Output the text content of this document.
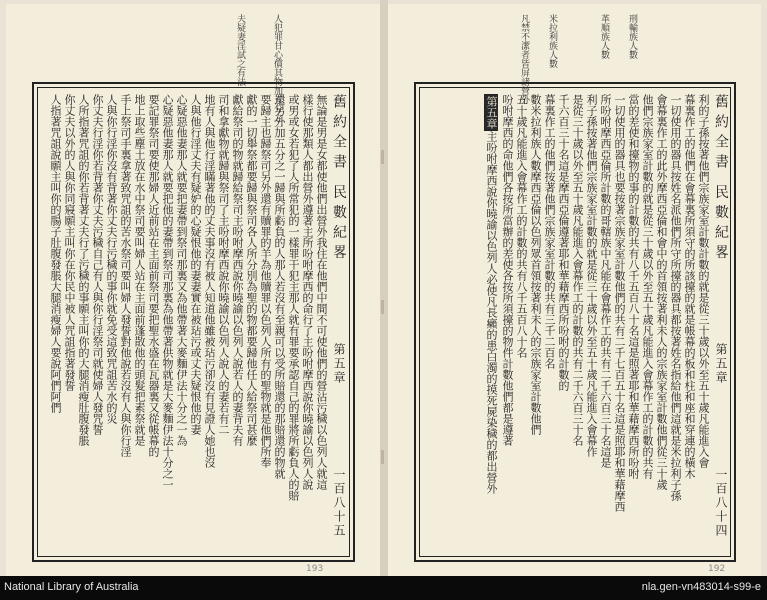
人犯罪甘心償其物加五分之一
夫疑妻淫試之有法
舊約全書 民數紀畧
第五章
一百八十五
無論是男是女都使他們出營外我住在他們中間不可使他們的營沾污穢以色列人就這
樣行使那類人都出營外遵著主所吩咐摩西的命行了主吩咐摩西說你曉諭以色列人說
或男或女若犯了人所常犯的一樣罪干犯主那人就有罪要承認自己的罪將所虧負人的賠
還另外加五分之一歸與所虧負的人那人若沒有至親可以受所賠還的那賠還的物就
要歸主也歸祭司另外還有贖罪的羊為他贖罪以色列人所有的聖物就是他們所奉
獻的一切舉祭都要歸與祭司各人所分別為聖的物都要歸他任人給祭司甚麼
獻給祭司的物就歸給祭司主吩咐摩西說你曉諭以色列人說若人的妻背夫有
司和拿獻物就歸與祭司了主吩咐摩西說你曉諭以色列人說人的妻若有二
地有人與他行淫瞞著他的丈夫事沒有被人知道他雖被玷污卻沒有見證人她也沒
人與他行淫丈夫有疑妒的心疑恨他的妻妻實在被玷污或丈夫疑恨他的妻
心疑惡他妻那人就要把妻帶到祭司那裏又為他帶著大麥麵伊法十分之一為
心疑惡他妻那人就要把他的妻帶到祭司那裏為他帶著供物就是大麥麵伊法十分之一
要記罪祭司要使那婦人近前站在主面前祭司要把聖水盛在瓦器裏又從帳幕的
地上取些塵土放在水中祭司要叫婦人站在主面前蓬散他的頭髮把素祭就是
手上祭司手裏拿著致咒詛的苦水祭司要叫婦人發誓對他說若沒有人與你行淫
人與你行淫你沒有背著你丈夫行污穢的事你就免受這致咒詛苦水的災
你丈夫行淫你若背著你丈夫污穢自己有人與你行淫祭司就使婦人發咒誓
人所指著咒詛的你若背著丈夫行了污穢的事願主叫你的大腿消瘦肚腹發脹
你丈夫以外的人與你同寢願主叫你在你民中被人咒詛指著發誓
人指著咒詛說願主叫你的腸子肚腹發脹大腿消瘦婦人要說阿們阿們
193
刑輸族人數
革順族人數
米拉利族人數
凡禁不潔者皆屏諸營外
舊約全書 民數紀畧
第五章
一百八十四
利的子孫按著他們宗族家室計數計數的就是從三十歲以外至五十歲凡能進入會
幕裏作工的他們在會幕裏所須守的所該擡的就是帳幕的板和柱和座和穿連的橫木
一切使用的器具按姓名派他們所守所擡的器具都按著姓名指給他們這就是米拉利子孫
會幕裏作工的此外摩西亞倫和會中的首領按著利未人的宗族家室計數他們從三十歲
他們宗族家室計數的就是從三十歲以外至五十歲凡能進入會幕作工的計數的共有
當的差使和擡物的事的計數的共有八千五百八十名這是照著耶和華藉摩西所吩咐
一切使用的器具也要按著宗族家室計數他們的共有二千七百五十名這是照耶和華藉摩西
所吩咐摩西亞倫所計數的哥轄族中凡能在會幕作工的共有二千六百三十名這是
利子孫按著他們宗族家室計數的就是從三十歲以外至五十歲凡能進入會幕作
是從三十歲以外至五十歲凡能進入會幕作工的計數的共有二千六百三十名
千六百三十名這是摩西亞倫遵著耶和華藉摩西所吩咐的計數的
幕裏作工的他們按著他們宗族家室計數的共有三千二百名
數米拉利族人數摩西亞倫以色列眾首領按著利未人的宗族家室計數他們
五十歲凡能進入會幕作工的計數的共有八千五百八十名
吩咐摩西的命他們各按所當辦的差使各按所須擡的物件計數他們都是遵著
第五章主吩咐摩西說你曉諭以色列人必使凡長癩的患白濁的摸死屍染穢的都出營外
192
National Library of Australia	nla.gen-vn483014-s99-e
